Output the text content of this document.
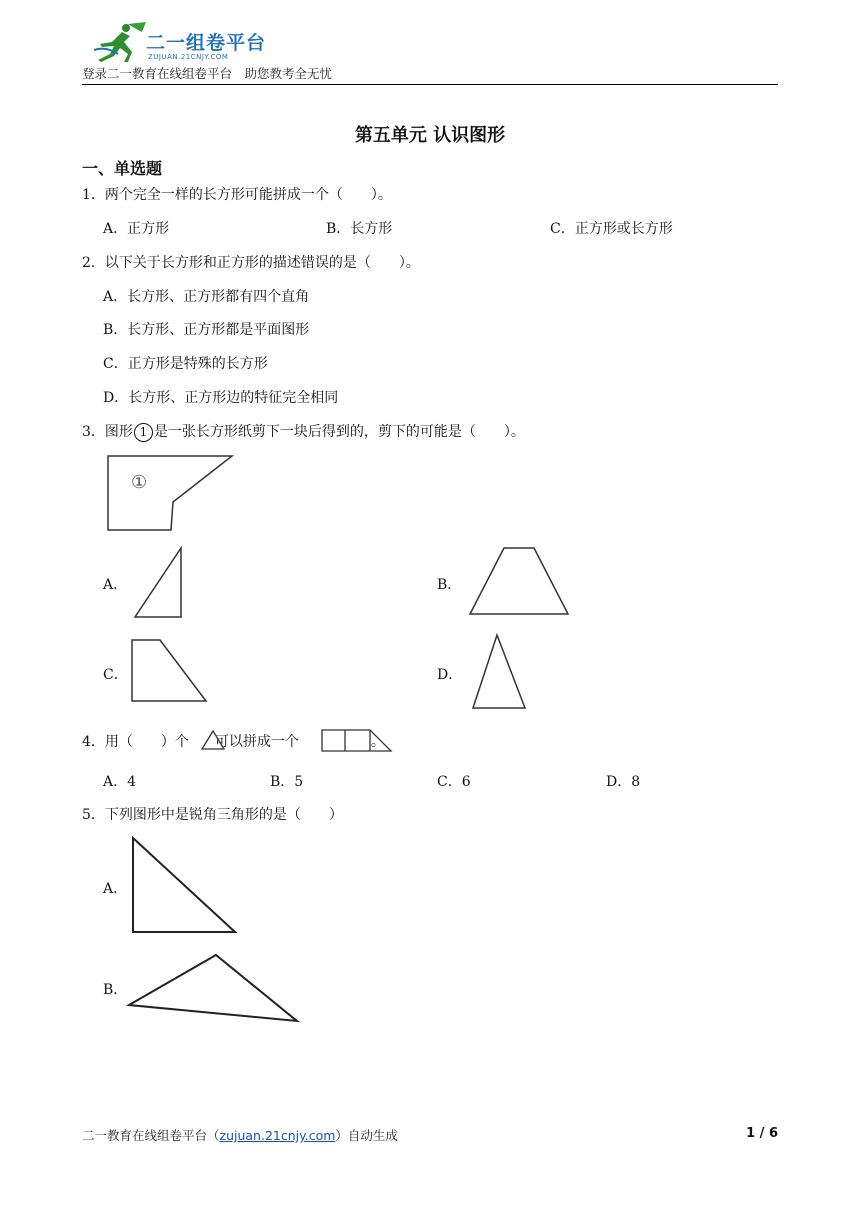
二一组卷平台
ZUJUAN.21CNJY.COM
登录二一教育在线组卷平台　助您教考全无忧
第五单元 认识图形
一、单选题
1．两个完全一样的长方形可能拼成一个（　　）。
A．正方形	B．长方形	C．正方形或长方形
2．以下关于长方形和正方形的描述错误的是（　　）。
A．长方形、正方形都有四个直角
B．长方形、正方形都是平面图形
C．正方形是特殊的长方形
D．长方形、正方形边的特征完全相同
3．图形 1 是一张长方形纸剪下一块后得到的，剪下的可能是（　　）。
①
A．	B．
C．	D．
4．用（　　）个 可以拼成一个	。
A．4	B．5	C．6	D．8
5．下列图形中是锐角三角形的是（　　）
A．
B．
二一教育在线组卷平台（zujuan.21cnjy.com）自动生成	1 / 6
